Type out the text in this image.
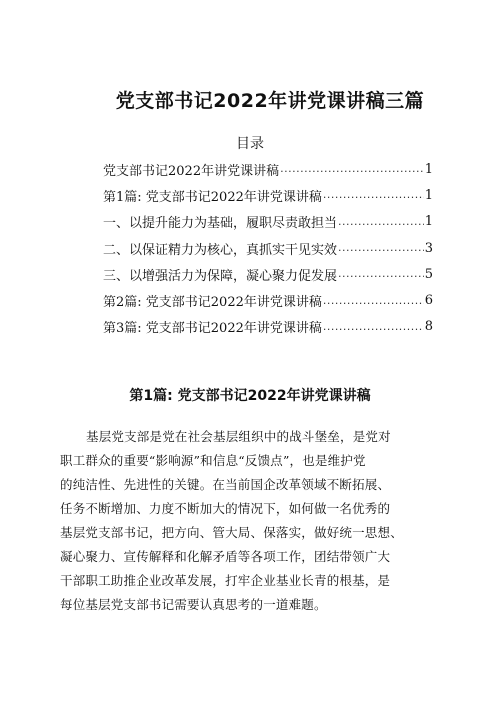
党支部书记2022年讲党课讲稿三篇
目录
党支部书记2022年讲党课讲稿 .....	1
第1篇: 党支部书记2022年讲党课讲稿 .....	1
一、以提升能力为基础，履职尽责敢担当 .....	1
二、以保证精力为核心，真抓实干见实效 .....	3
三、以增强活力为保障，凝心聚力促发展 .....	5
第2篇: 党支部书记2022年讲党课讲稿 .....	6
第3篇: 党支部书记2022年讲党课讲稿 .....	8
第1篇: 党支部书记2022年讲党课讲稿
基层党支部是党在社会基层组织中的战斗堡垒，是党对
职工群众的重要“影响源”和信息“反馈点”，也是维护党
的纯洁性、先进性的关键。在当前国企改革领域不断拓展、
任务不断增加、力度不断加大的情况下，如何做一名优秀的
基层党支部书记，把方向、管大局、保落实，做好统一思想、
凝心聚力、宣传解释和化解矛盾等各项工作，团结带领广大
干部职工助推企业改革发展，打牢企业基业长青的根基，是
每位基层党支部书记需要认真思考的一道难题。
